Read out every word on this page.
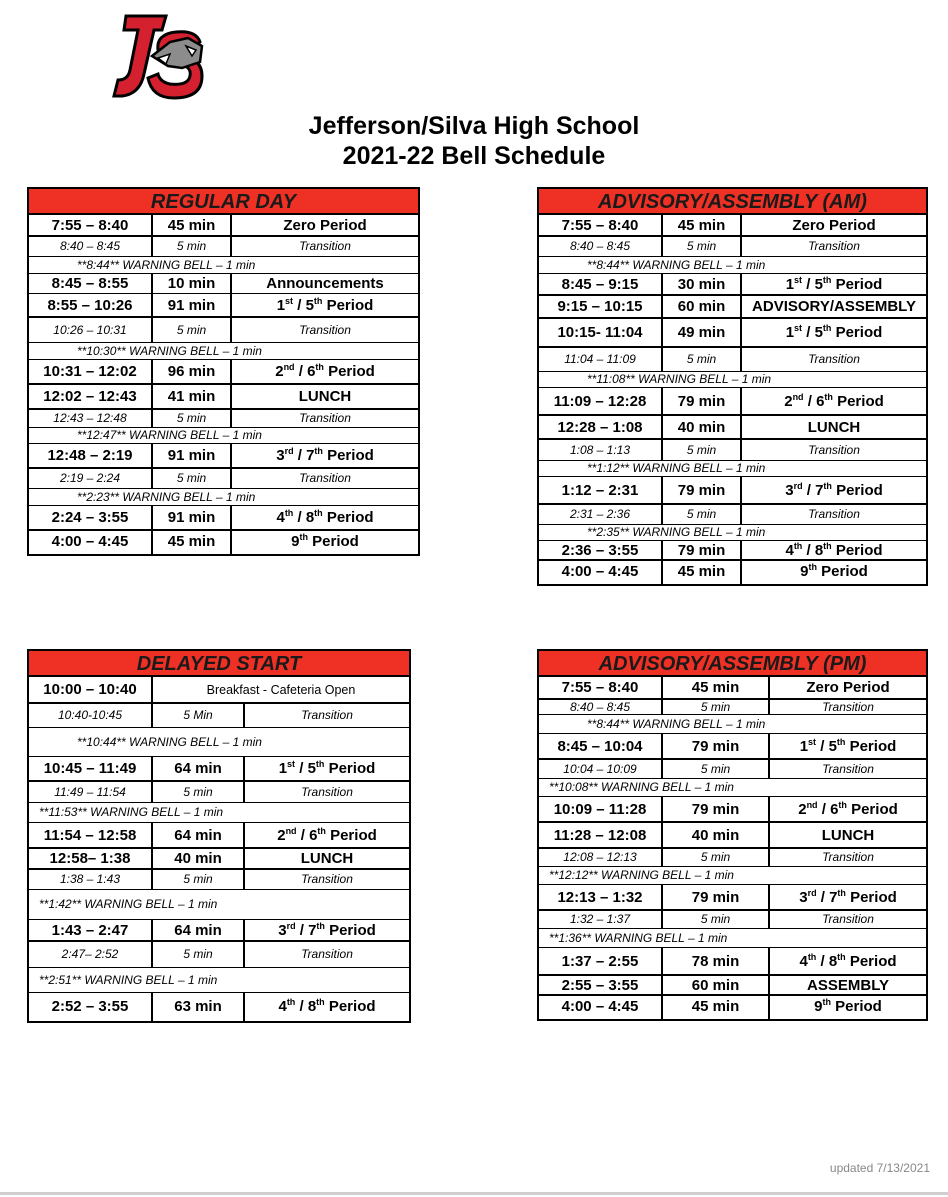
Jefferson/Silva High School
2021-22 Bell Schedule
REGULAR DAY
7:55 – 8:40	45 min	Zero Period
8:40 – 8:45	5 min	Transition
**8:44** WARNING BELL – 1 min
8:45 – 8:55	10 min	Announcements
8:55 – 10:26	91 min	1st / 5th Period
10:26 – 10:31	5 min	Transition
**10:30** WARNING BELL – 1 min
10:31 – 12:02	96 min	2nd / 6th Period
12:02 – 12:43	41 min	LUNCH
12:43 – 12:48	5 min	Transition
**12:47** WARNING BELL – 1 min
12:48 – 2:19	91 min	3rd / 7th Period
2:19 – 2:24	5 min	Transition
**2:23** WARNING BELL – 1 min
2:24 – 3:55	91 min	4th / 8th Period
4:00 – 4:45	45 min	9th Period
ADVISORY/ASSEMBLY (AM)
7:55 – 8:40	45 min	Zero Period
8:40 – 8:45	5 min	Transition
**8:44** WARNING BELL – 1 min
8:45 – 9:15	30 min	1st / 5th Period
9:15 – 10:15	60 min	ADVISORY/ASSEMBLY
10:15- 11:04	49 min	1st / 5th Period
11:04 – 11:09	5 min	Transition
**11:08** WARNING BELL – 1 min
11:09 – 12:28	79 min	2nd / 6th Period
12:28 – 1:08	40 min	LUNCH
1:08 – 1:13	5 min	Transition
**1:12** WARNING BELL – 1 min
1:12 – 2:31	79 min	3rd / 7th Period
2:31 – 2:36	5 min	Transition
**2:35** WARNING BELL – 1 min
2:36 – 3:55	79 min	4th / 8th Period
4:00 – 4:45	45 min	9th Period
DELAYED START
10:00 – 10:40	Breakfast - Cafeteria Open
10:40-10:45	5 Min	Transition
**10:44** WARNING BELL – 1 min
10:45 – 11:49	64 min	1st / 5th Period
11:49 – 11:54	5 min	Transition
**11:53** WARNING BELL – 1 min
11:54 – 12:58	64 min	2nd / 6th Period
12:58– 1:38	40 min	LUNCH
1:38 – 1:43	5 min	Transition
**1:42** WARNING BELL – 1 min
1:43 – 2:47	64 min	3rd / 7th Period
2:47– 2:52	5 min	Transition
**2:51** WARNING BELL – 1 min
2:52 – 3:55	63 min	4th / 8th Period
ADVISORY/ASSEMBLY (PM)
7:55 – 8:40	45 min	Zero Period
8:40 – 8:45	5 min	Transition
**8:44** WARNING BELL – 1 min
8:45 – 10:04	79 min	1st / 5th Period
10:04 – 10:09	5 min	Transition
**10:08** WARNING BELL – 1 min
10:09 – 11:28	79 min	2nd / 6th Period
11:28 – 12:08	40 min	LUNCH
12:08 – 12:13	5 min	Transition
**12:12** WARNING BELL – 1 min
12:13 – 1:32	79 min	3rd / 7th Period
1:32 – 1:37	5 min	Transition
**1:36** WARNING BELL – 1 min
1:37 – 2:55	78 min	4th / 8th Period
2:55 – 3:55	60 min	ASSEMBLY
4:00 – 4:45	45 min	9th Period
updated 7/13/2021
